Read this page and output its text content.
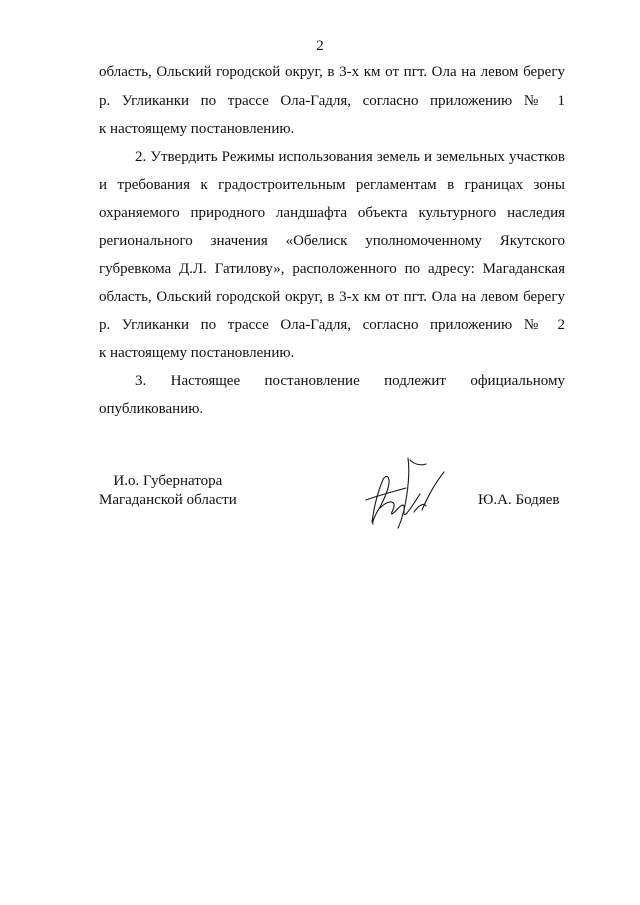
2
область, Ольский городской округ, в 3-х км от пгт. Ола на левом берегу
р. Угликанки по трассе Ола-Гадля, согласно приложению № 1
к настоящему постановлению.
2. Утвердить Режимы использования земель и земельных участков
и требования к градостроительным регламентам в границах зоны
охраняемого природного ландшафта объекта культурного наследия
регионального значения «Обелиск уполномоченному Якутского
губревкома Д.Л. Гатилову», расположенного по адресу: Магаданская
область, Ольский городской округ, в 3-х км от пгт. Ола на левом берегу
р. Угликанки по трассе Ола-Гадля, согласно приложению № 2
к настоящему постановлению.
3. Настоящее постановление подлежит официальному
опубликованию.
И.о. Губернатора
Магаданской области	Ю.А. Бодяев
